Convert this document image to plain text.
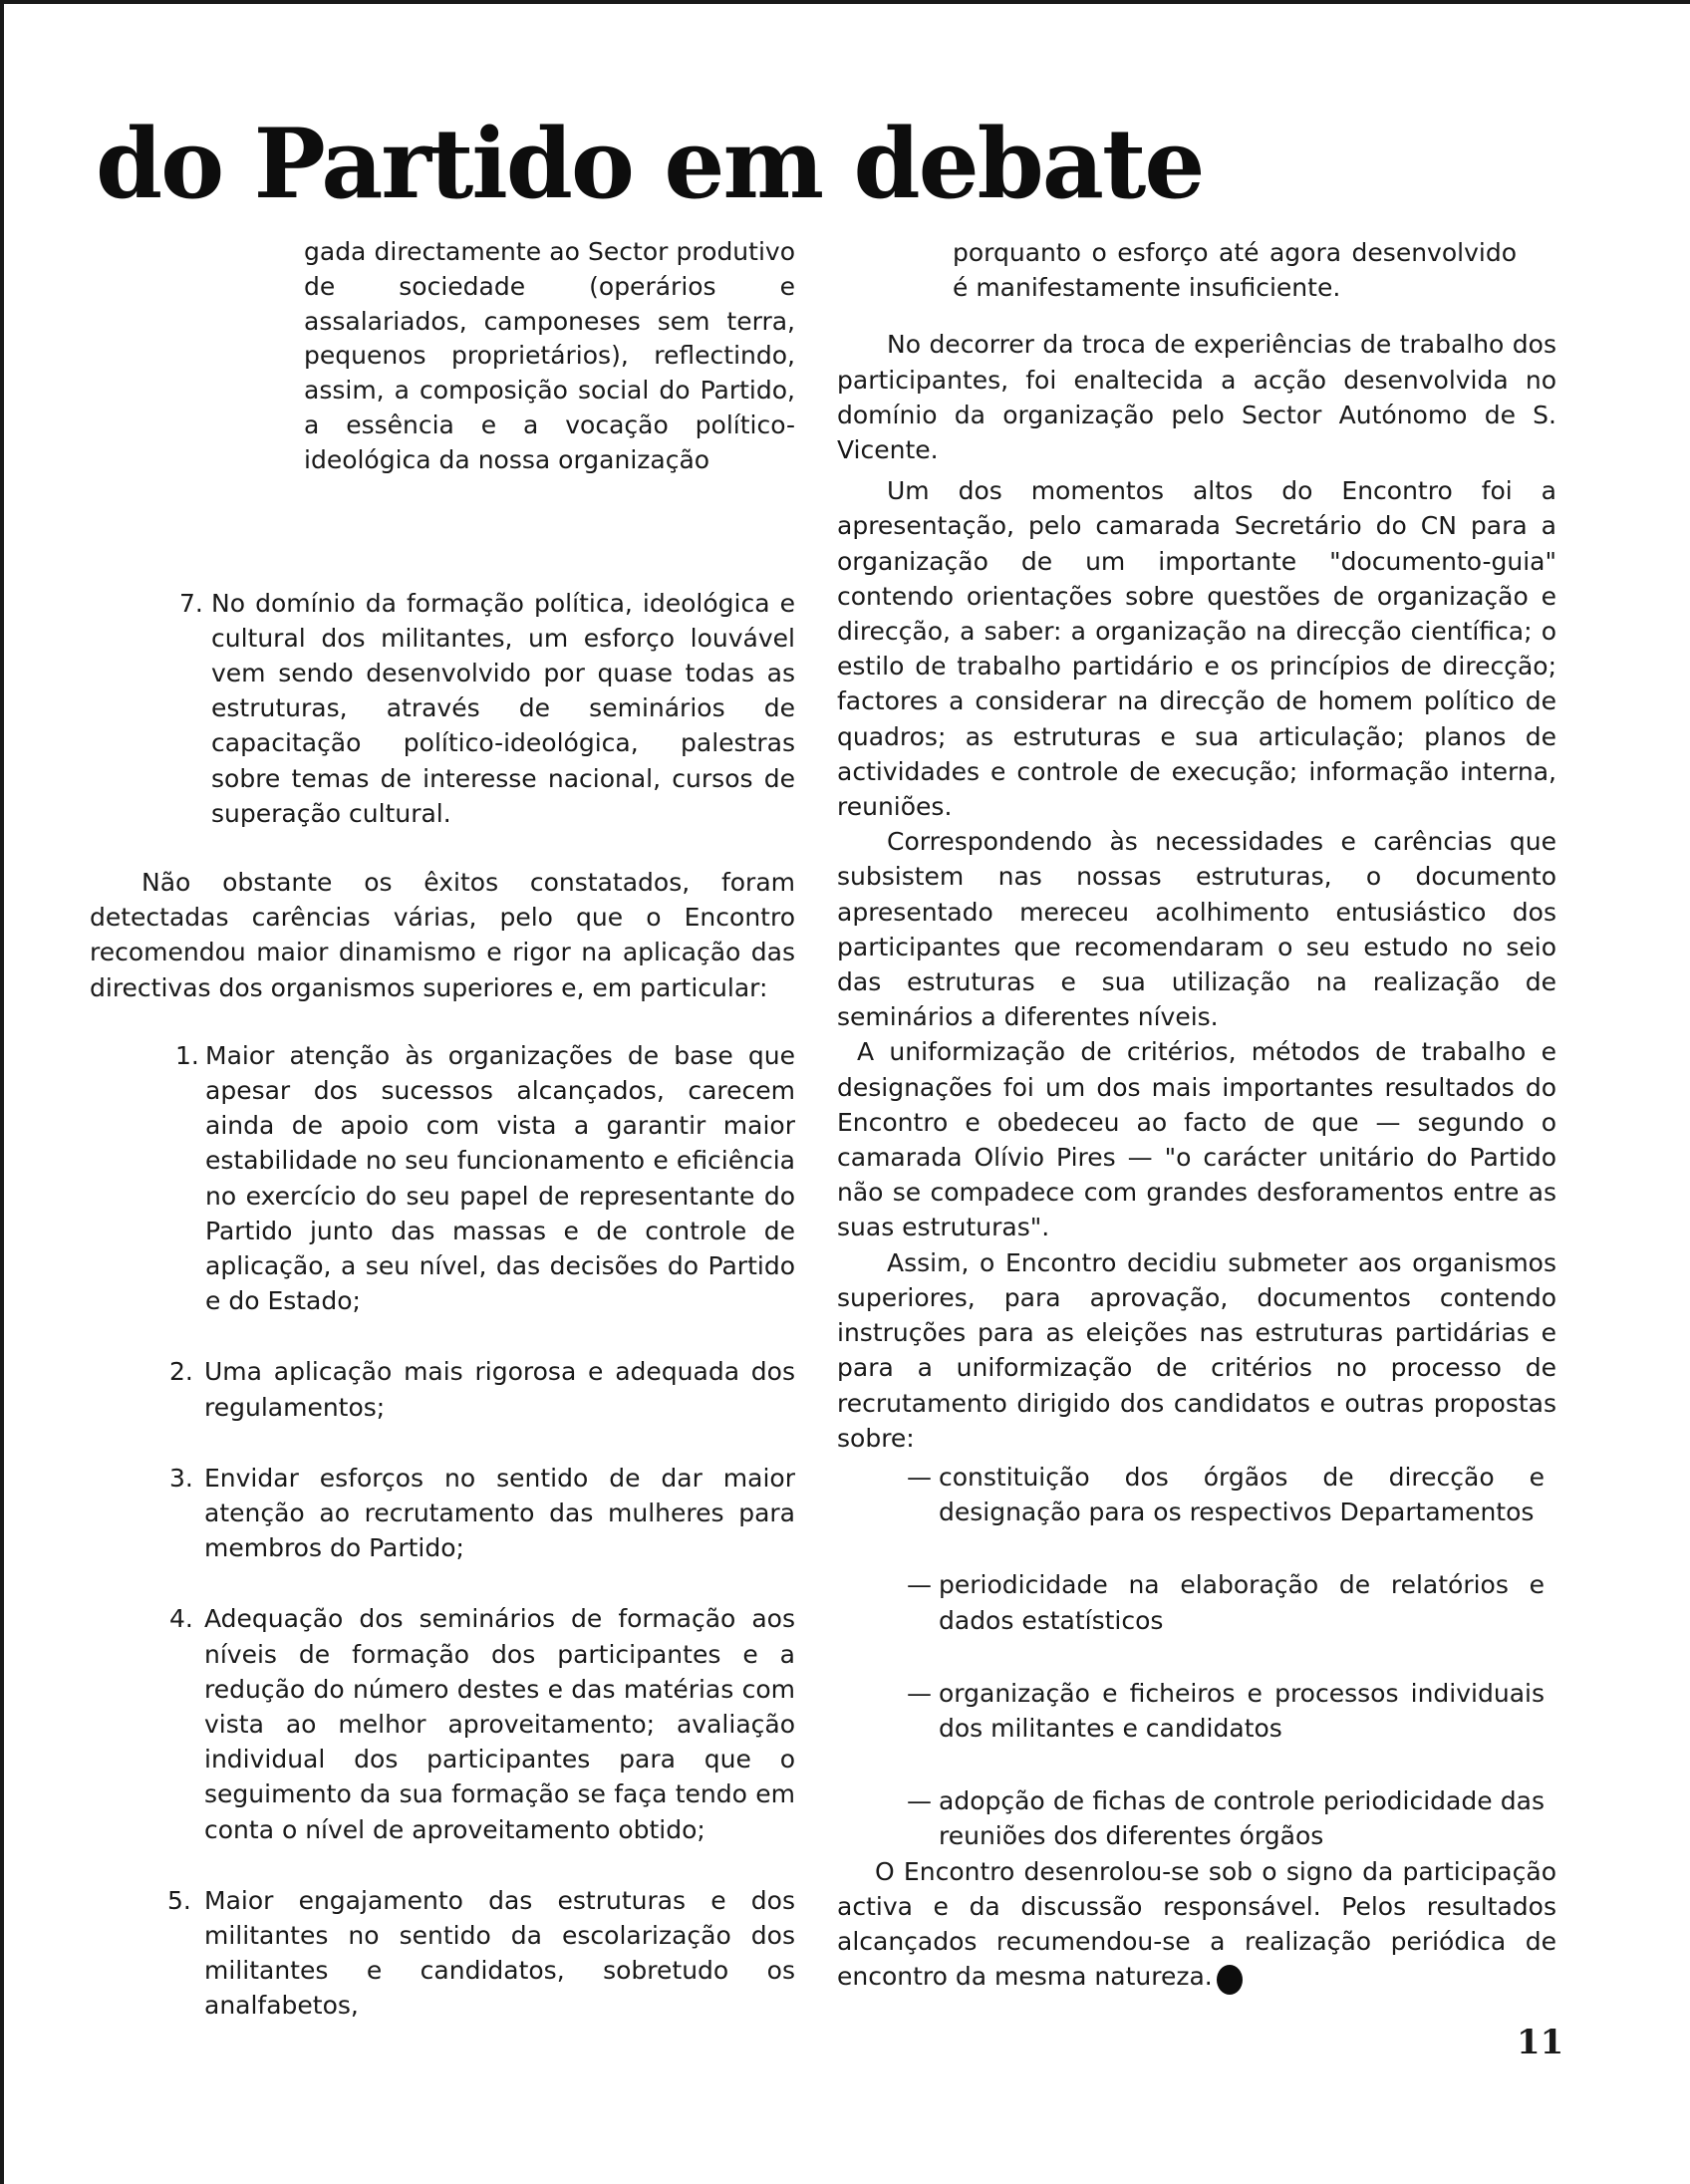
do Partido em debate

gada directamente ao Sector produtivo de sociedade (operários e assalariados, camponeses sem terra, pequenos proprietários), reflectindo, assim, a composição social do Partido, a essência e a vocação político-ideológica da nossa organização

7. No domínio da formação política, ideológica e cultural dos militantes, um esforço louvável vem sendo desenvolvido por quase todas as estruturas, através de seminários de capacitação político-ideológica, palestras sobre temas de interesse nacional, cursos de superação cultural.

Não obstante os êxitos constatados, foram detectadas carências várias, pelo que o Encontro recomendou maior dinamismo e rigor na aplicação das directivas dos organismos superiores e, em particular:

1. Maior atenção às organizações de base que apesar dos sucessos alcançados, carecem ainda de apoio com vista a garantir maior estabilidade no seu funcionamento e eficiência no exercício do seu papel de representante do Partido junto das massas e de controle de aplicação, a seu nível, das decisões do Partido e do Estado;
2. Uma aplicação mais rigorosa e adequada dos regulamentos;
3. Envidar esforços no sentido de dar maior atenção ao recrutamento das mulheres para membros do Partido;
4. Adequação dos seminários de formação aos níveis de formação dos participantes e a redução do número destes e das matérias com vista ao melhor aproveitamento; avaliação individual dos participantes para que o seguimento da sua formação se faça tendo em conta o nível de aproveitamento obtido;
5. Maior engajamento das estruturas e dos militantes no sentido da escolarização dos militantes e candidatos, sobretudo os analfabetos,

porquanto o esforço até agora desenvolvido é manifestamente insuficiente.

No decorrer da troca de experiências de trabalho dos participantes, foi enaltecida a acção desenvolvida no domínio da organização pelo Sector Autónomo de S. Vicente.

Um dos momentos altos do Encontro foi a apresentação, pelo camarada Secretário do CN para a organização de um importante "documento-guia" contendo orientações sobre questões de organização e direcção, a saber: a organização na direcção científica; o estilo de trabalho partidário e os princípios de direcção; factores a considerar na direcção de homem político de quadros; as estruturas e sua articulação; planos de actividades e controle de execução; informação interna, reuniões.

Correspondendo às necessidades e carências que subsistem nas nossas estruturas, o documento apresentado mereceu acolhimento entusiástico dos participantes que recomendaram o seu estudo no seio das estruturas e sua utilização na realização de seminários a diferentes níveis.

A uniformização de critérios, métodos de trabalho e designações foi um dos mais importantes resultados do Encontro e obedeceu ao facto de que — segundo o camarada Olívio Pires — "o carácter unitário do Partido não se compadece com grandes desforamentos entre as suas estruturas".

Assim, o Encontro decidiu submeter aos organismos superiores, para aprovação, documentos contendo instruções para as eleições nas estruturas partidárias e para a uniformização de critérios no processo de recrutamento dirigido dos candidatos e outras propostas sobre:

— constituição dos órgãos de direcção e designação para os respectivos Departamentos
— periodicidade na elaboração de relatórios e dados estatísticos
— organização e ficheiros e processos individuais dos militantes e candidatos
— adopção de fichas de controle periodicidade das reuniões dos diferentes órgãos

O Encontro desenrolou-se sob o signo da participação activa e da discussão responsável. Pelos resultados alcançados recumendou-se a realização periódica de encontro da mesma natureza.

11
